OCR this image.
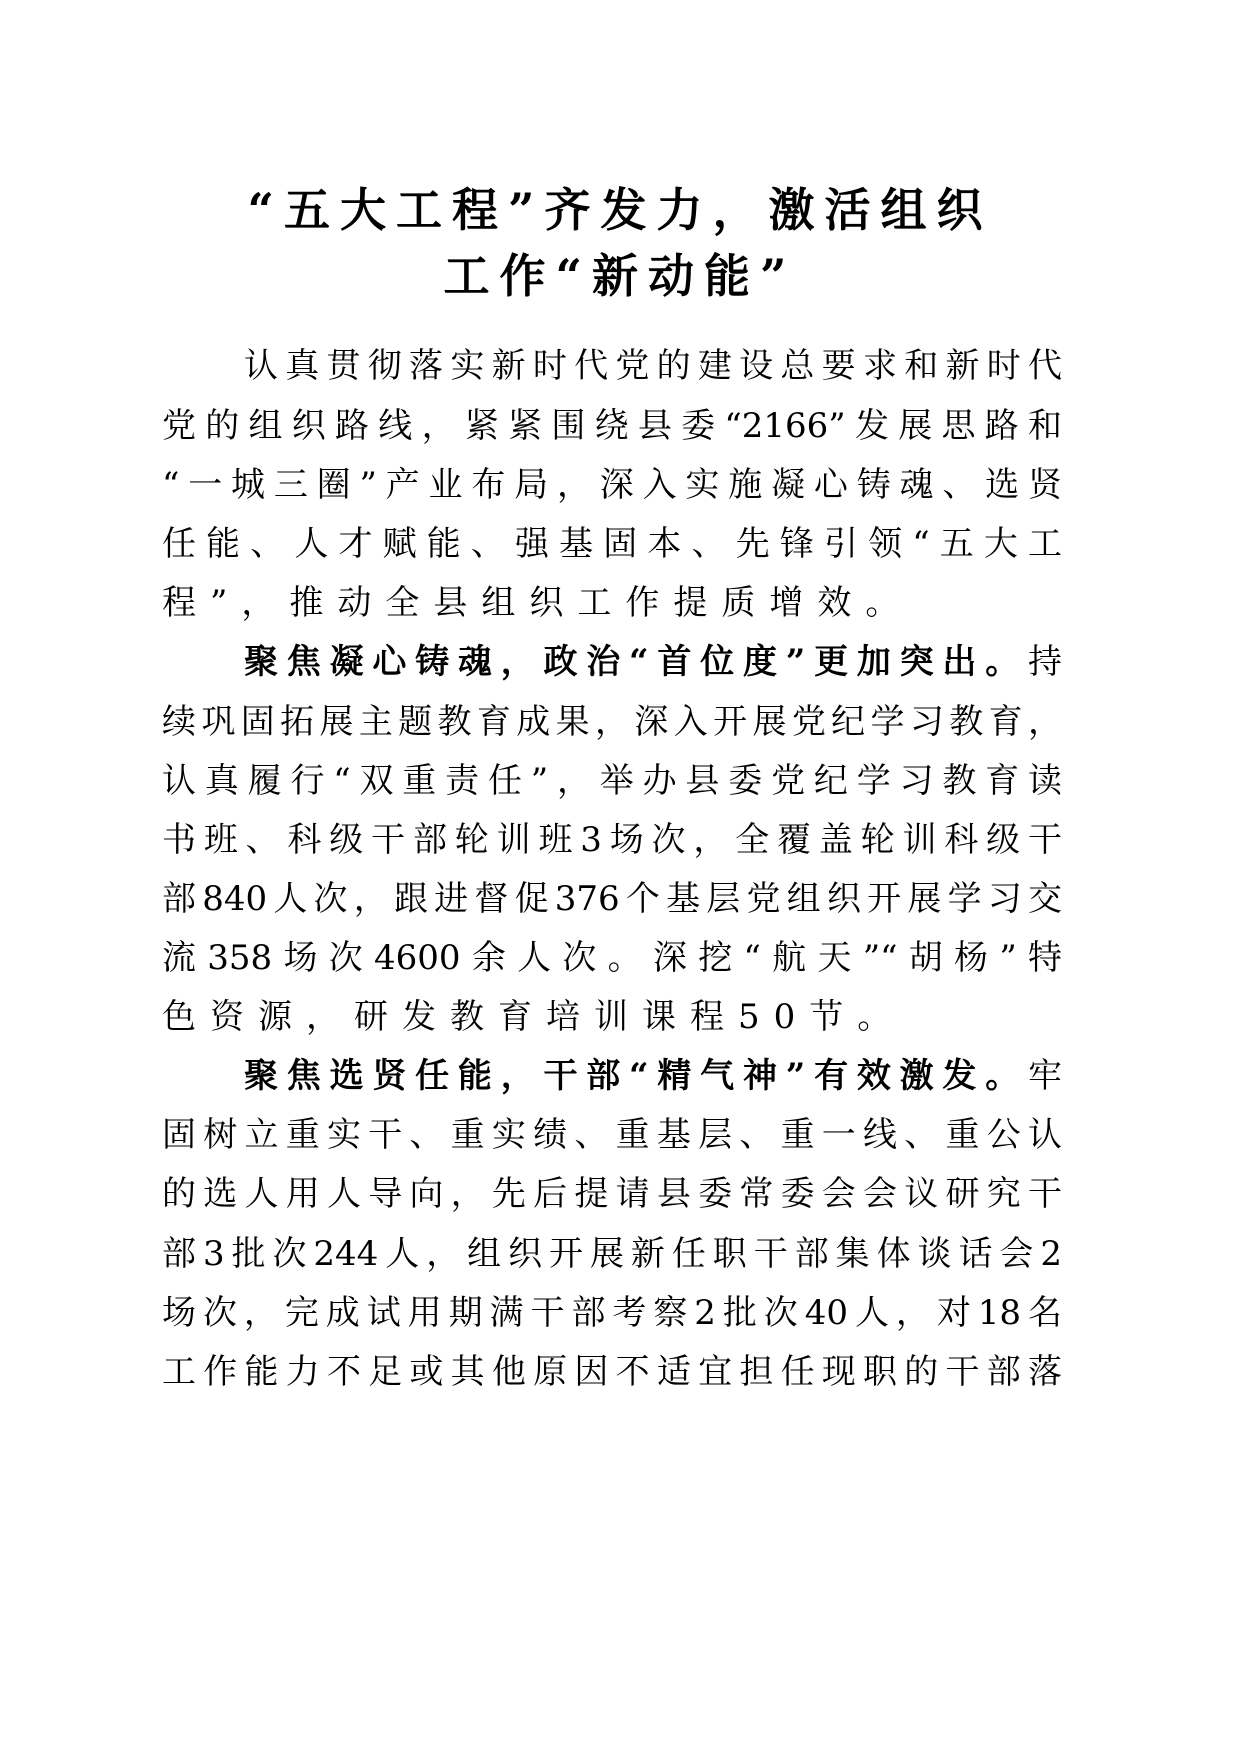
“五大工程”齐发力，激活组织
工作“新动能”
认真贯彻落实新时代党的建设总要求和新时代
党的组织路线，紧紧围绕县委“2166”发展思路和
“一城三圈”产业布局，深入实施凝心铸魂、选贤
任能、人才赋能、强基固本、先锋引领“五大工
程”，推动全县组织工作提质增效。
聚焦凝心铸魂，政治“首位度”更加突出。持
续巩固拓展主题教育成果，深入开展党纪学习教育，
认真履行“双重责任”，举办县委党纪学习教育读
书班、科级干部轮训班3场次，全覆盖轮训科级干
部840人次，跟进督促376个基层党组织开展学习交
流358场次4600余人次。深挖“航天”“胡杨”特
色资源，研发教育培训课程50节。
聚焦选贤任能，干部“精气神”有效激发。牢
固树立重实干、重实绩、重基层、重一线、重公认
的选人用人导向，先后提请县委常委会会议研究干
部3批次244人，组织开展新任职干部集体谈话会2
场次，完成试用期满干部考察2批次40人，对18名
工作能力不足或其他原因不适宜担任现职的干部落
